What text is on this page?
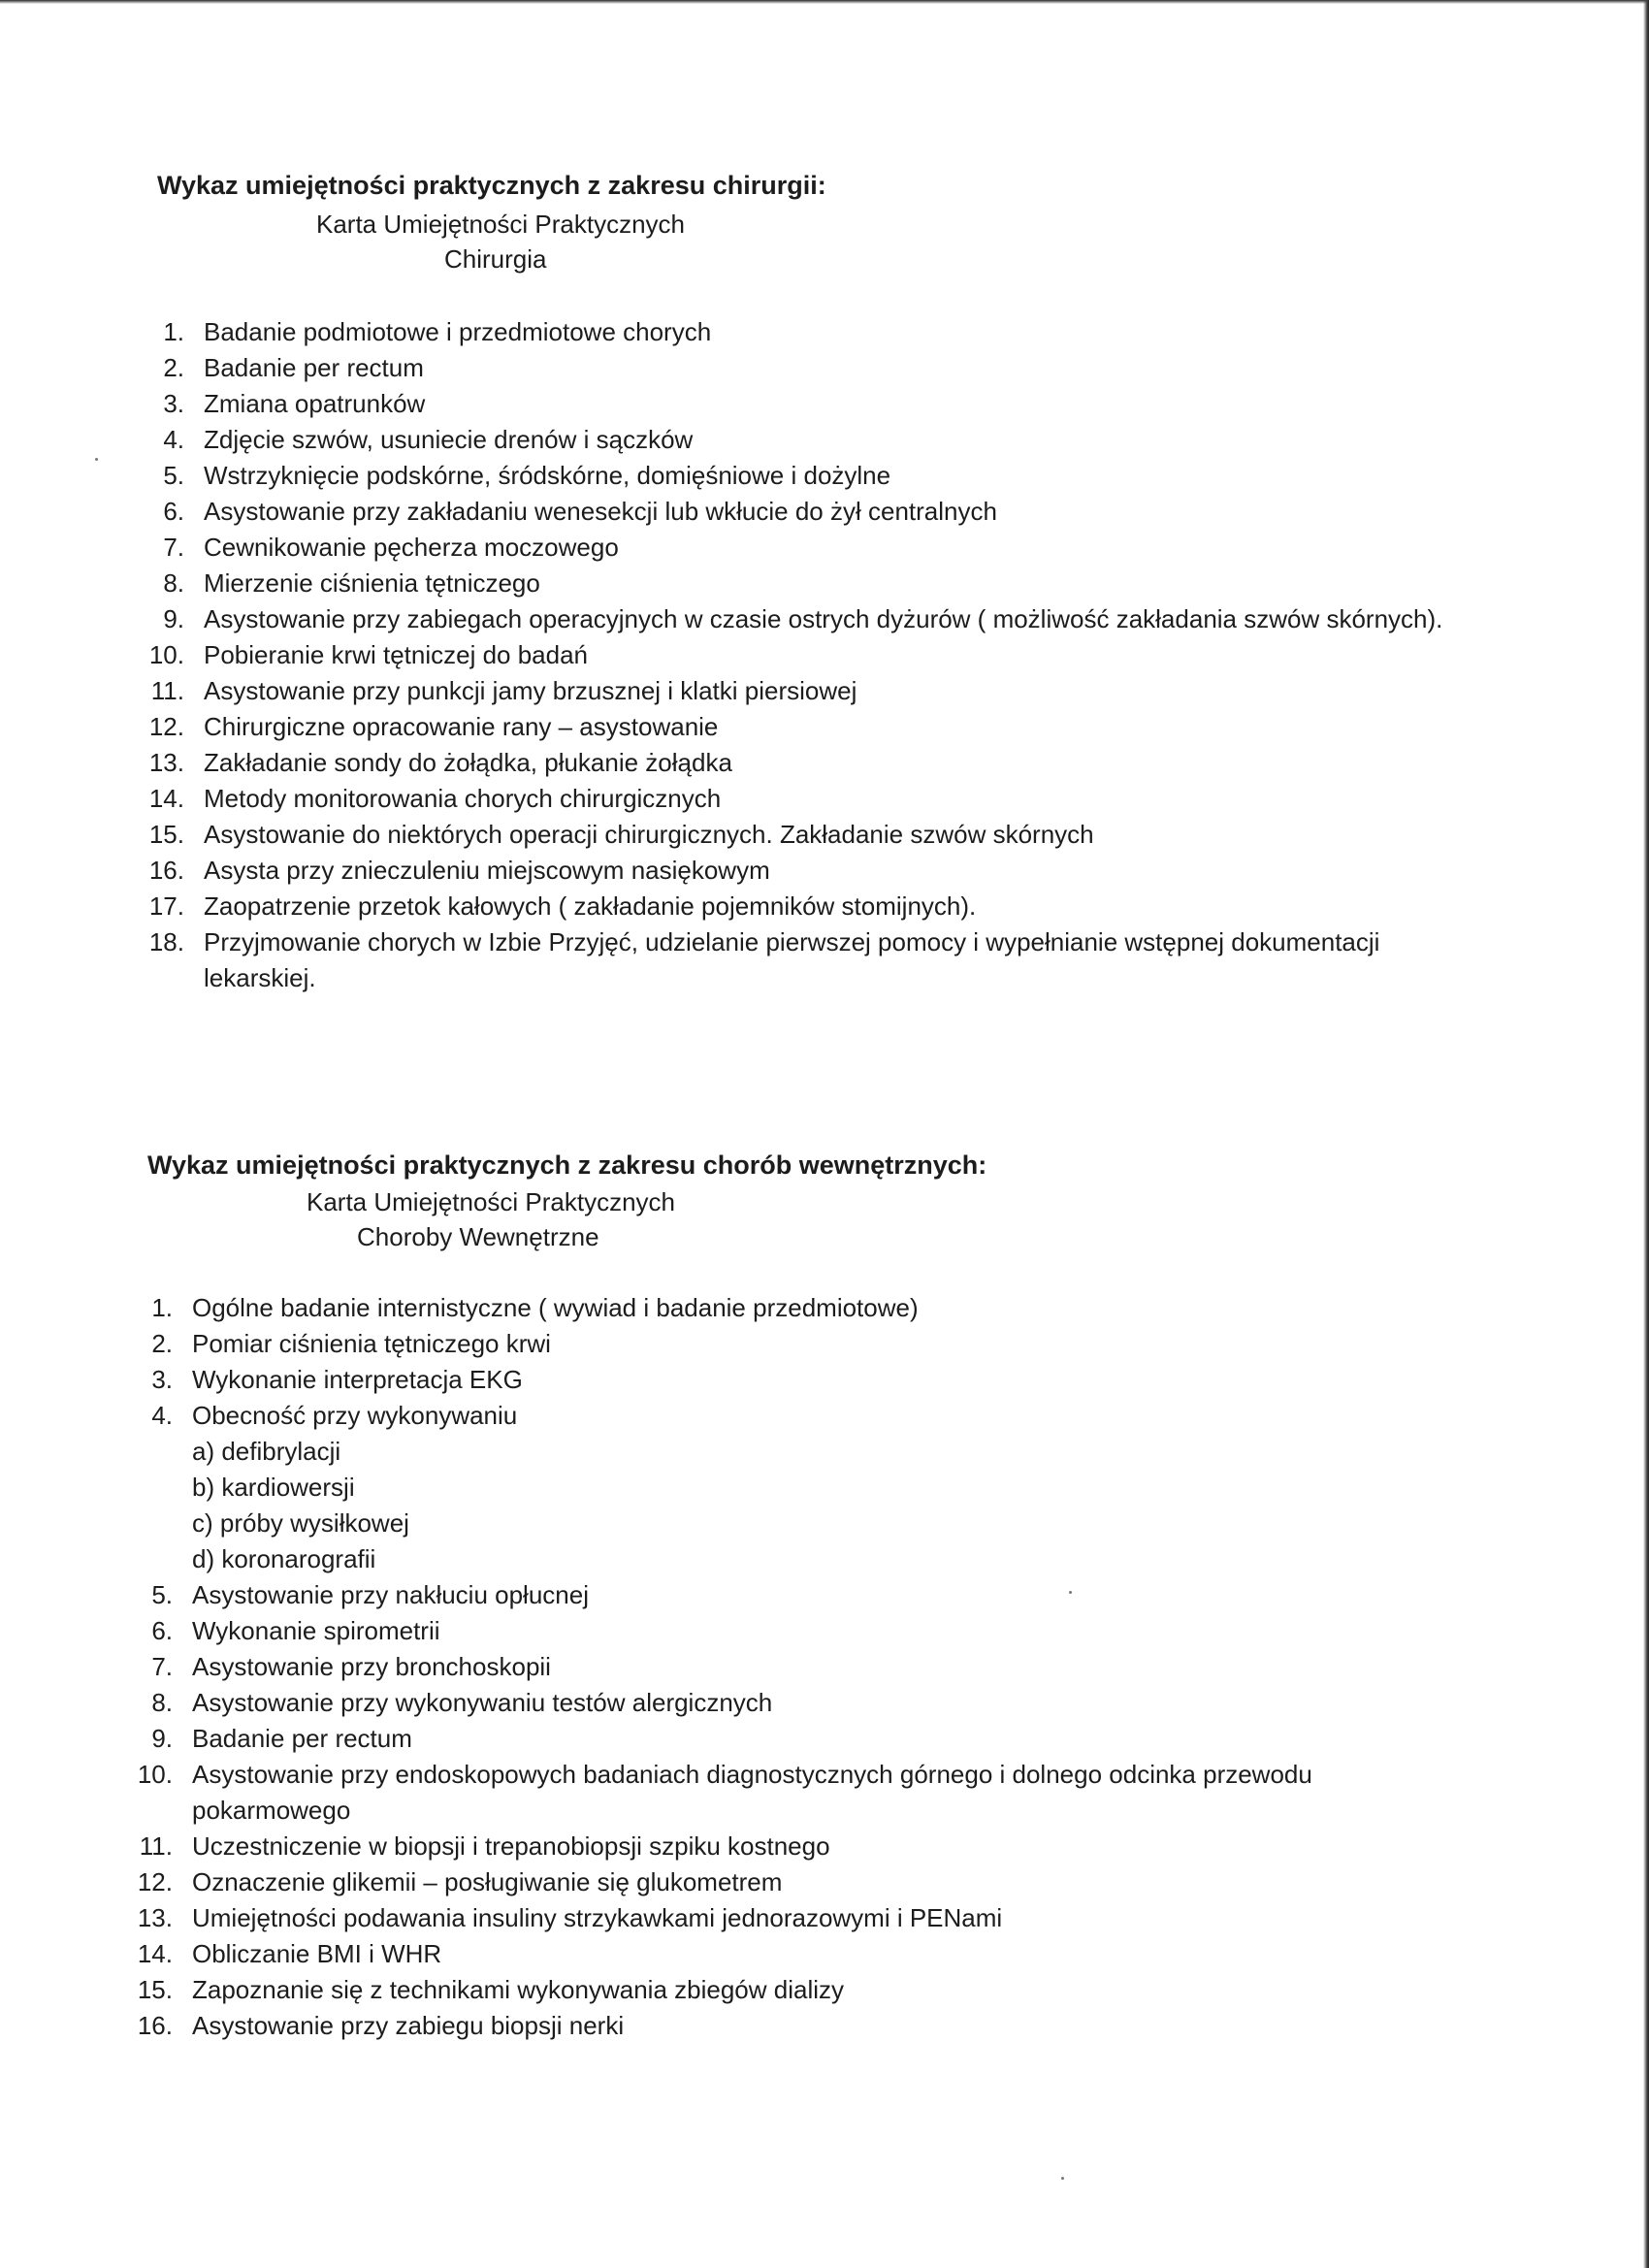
Wykaz umiejętności praktycznych z zakresu chirurgii:
Karta Umiejętności Praktycznych
Chirurgia
1. Badanie podmiotowe i przedmiotowe chorych
2. Badanie per rectum
3. Zmiana opatrunków
4. Zdjęcie szwów, usuniecie drenów i sączków
5. Wstrzyknięcie podskórne, śródskórne, domięśniowe i dożylne
6. Asystowanie przy zakładaniu wenesekcji lub wkłucie do żył centralnych
7. Cewnikowanie pęcherza moczowego
8. Mierzenie ciśnienia tętniczego
9. Asystowanie przy zabiegach operacyjnych w czasie ostrych dyżurów ( możliwość zakładania szwów skórnych).
10. Pobieranie krwi tętniczej do badań
11. Asystowanie przy punkcji jamy brzusznej i klatki piersiowej
12. Chirurgiczne opracowanie rany – asystowanie
13. Zakładanie sondy do żołądka, płukanie żołądka
14. Metody monitorowania chorych chirurgicznych
15. Asystowanie do niektórych operacji chirurgicznych. Zakładanie szwów skórnych
16. Asysta przy znieczuleniu miejscowym nasiękowym
17. Zaopatrzenie przetok kałowych ( zakładanie pojemników stomijnych).
18. Przyjmowanie chorych w Izbie Przyjęć, udzielanie pierwszej pomocy i wypełnianie wstępnej dokumentacji lekarskiej.
Wykaz umiejętności praktycznych z zakresu chorób wewnętrznych:
Karta Umiejętności Praktycznych
Choroby Wewnętrzne
1. Ogólne badanie internistyczne ( wywiad i badanie przedmiotowe)
2. Pomiar ciśnienia tętniczego krwi
3. Wykonanie interpretacja EKG
4. Obecność przy wykonywaniu
a) defibrylacji
b) kardiowersji
c) próby wysiłkowej
d) koronarografii
5. Asystowanie przy nakłuciu opłucnej
6. Wykonanie spirometrii
7. Asystowanie przy bronchoskopii
8. Asystowanie przy wykonywaniu testów alergicznych
9. Badanie per rectum
10. Asystowanie przy endoskopowych badaniach diagnostycznych górnego i dolnego odcinka przewodu pokarmowego
11. Uczestniczenie w biopsji i trepanobiopsji szpiku kostnego
12. Oznaczenie glikemii – posługiwanie się glukometrem
13. Umiejętności podawania insuliny strzykawkami jednorazowymi i PENami
14. Obliczanie BMI i WHR
15. Zapoznanie się z technikami wykonywania zbiegów dializy
16. Asystowanie przy zabiegu biopsji nerki
